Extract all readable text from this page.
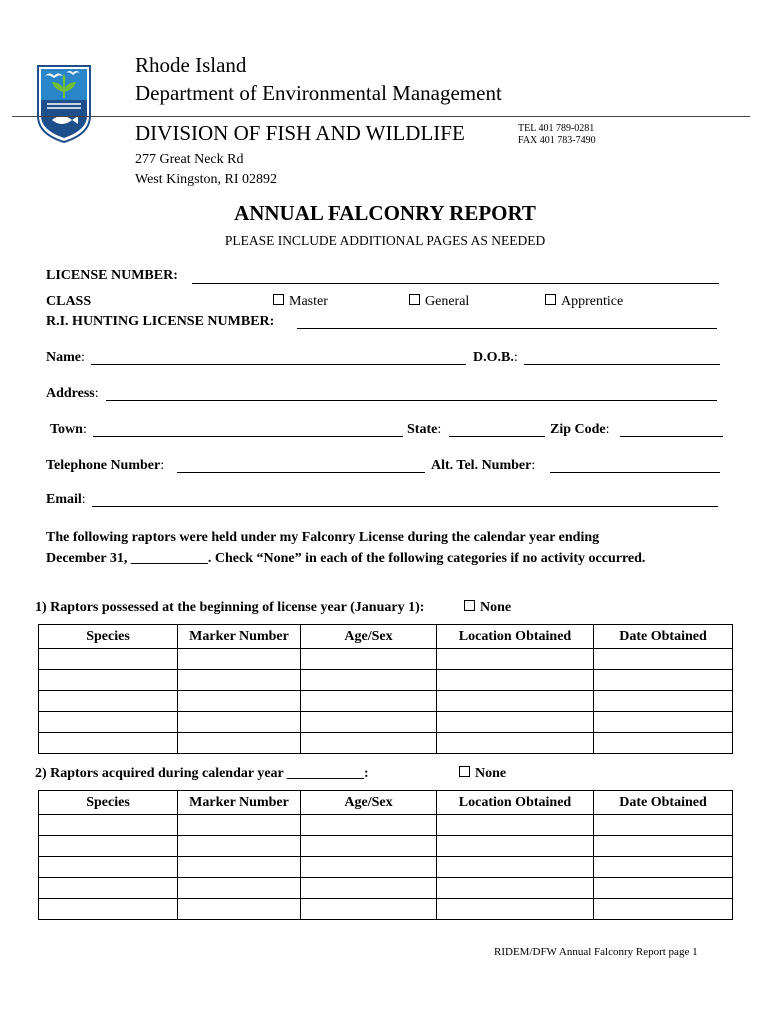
Rhode Island
Department of Environmental Management
DIVISION OF FISH AND WILDLIFE	TEL 401 789-0281
FAX 401 783-7490
277 Great Neck Rd
West Kingston, RI 02892
ANNUAL FALCONRY REPORT
PLEASE INCLUDE ADDITIONAL PAGES AS NEEDED
LICENSE NUMBER:
CLASS	Master	General	Apprentice
R.I. HUNTING LICENSE NUMBER:
Name:	D.O.B.:
Address:
Town:	State:	Zip Code:
Telephone Number:	Alt. Tel. Number:
Email:
The following raptors were held under my Falconry License during the calendar year ending
December 31, ___________. Check “None” in each of the following categories if no activity occurred.
1) Raptors possessed at the beginning of license year (January 1):	None
Species	Marker Number	Age/Sex	Location Obtained	Date Obtained

2) Raptors acquired during calendar year ___________:	None
Species	Marker Number	Age/Sex	Location Obtained	Date Obtained

RIDEM/DFW Annual Falconry Report page 1
